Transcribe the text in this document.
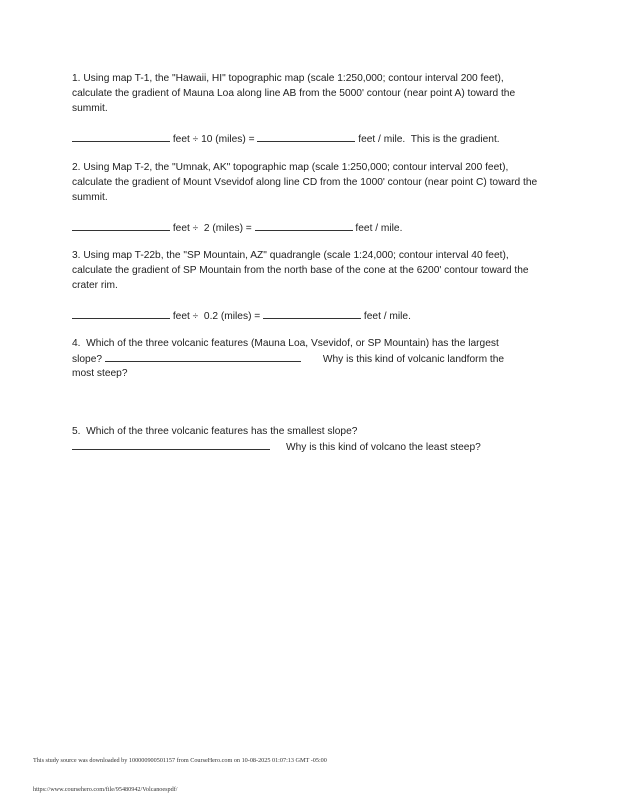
1. Using map T-1, the "Hawaii, HI" topographic map (scale 1:250,000; contour interval 200 feet), calculate the gradient of Mauna Loa along line AB from the 5000' contour (near point A) toward the summit.
feet ÷ 10 (miles) =	feet / mile.  This is the gradient.
2. Using Map T-2, the "Umnak, AK" topographic map (scale 1:250,000; contour interval 200 feet), calculate the gradient of Mount Vsevidof along line CD from the 1000' contour (near point C) toward the summit.
feet ÷  2 (miles) =	feet / mile.
3. Using map T-22b, the "SP Mountain, AZ" quadrangle (scale 1:24,000; contour interval 40 feet), calculate the gradient of SP Mountain from the north base of the cone at the 6200' contour toward the crater rim.
feet ÷  0.2 (miles) =	feet / mile.
4.  Which of the three volcanic features (Mauna Loa, Vsevidof, or SP Mountain) has the largest
slope?	Why is this kind of volcanic landform the
most steep?
5.  Which of the three volcanic features has the smallest slope?
Why is this kind of volcano the least steep?
This study source was downloaded by 100000900501157 from CourseHero.com on 10-08-2025 01:07:13 GMT -05:00
https://www.coursehero.com/file/95480942/Volcanoespdf/
